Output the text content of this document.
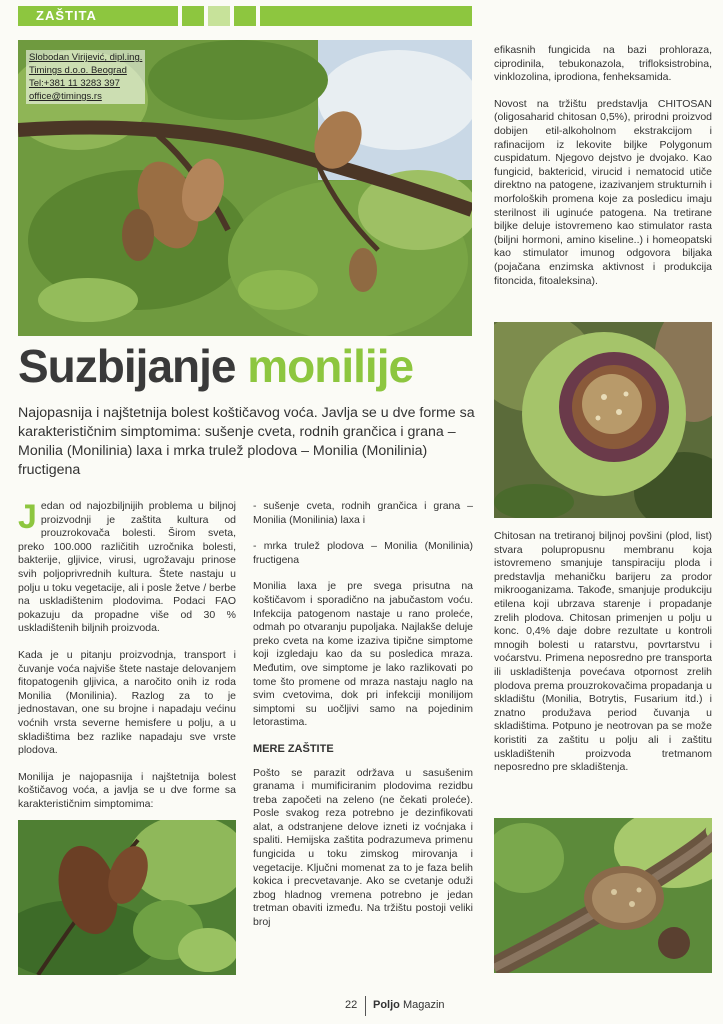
ZAŠTITA
Slobodan Virijević, dipl.ing.
Timings d.o.o. Beograd
Tel:+381 11 3283 397
office@timings.rs
Suzbijanje monilije
Najopasnija i najštetnija bolest koštičavog voća. Javlja se u dve forme sa karakterističnim simptomima: sušenje cveta, rodnih grančica i grana – Monilia (Monilinia) laxa i mrka trulež plodova – Monilia (Monilinia) fructigena

Jedan od najozbiljnijih problema u biljnoj proizvodnji je zaštita kultura od prouzrokovača bolesti. Širom sveta, preko 100.000 različitih uzročnika bolesti, bakterije, gljivice, virusi, ugrožavaju prinose svih poljoprivrednih kultura. Štete nastaju u polju u toku vegetacije, ali i posle žetve / berbe na uskladištenim plodovima. Podaci FAO pokazuju da propadne više od 30 % uskladištenih biljnih proizvoda.

Kada je u pitanju proizvodnja, transport i čuvanje voća najviše štete nastaje delovanjem fitopatogenih gljivica, a naročito onih iz roda Monilia (Monilinia). Razlog za to je jednostavan, one su brojne i napadaju većinu voćnih vrsta severne hemisfere u polju, a u skladištima bez razlike napadaju sve vrste plodova.

Monilija je najopasnija i najštetnija bolest koštičavog voća, a javlja se u dve forme sa karakterističnim simptomima:

- sušenje cveta, rodnih grančica i grana – Monilia (Monilinia) laxa i

- mrka trulež plodova – Monilia (Monilinia) fructigena

Monilia laxa je pre svega prisutna na koštičavom i sporadično na jabučastom voću. Infekcija patogenom nastaje u rano proleće, odmah po otvaranju pupoljaka. Najlakše deluje preko cveta na kome izaziva tipične simptome koji izgledaju kao da su posledica mraza. Međutim, ove simptome je lako razlikovati po tome što promene od mraza nastaju naglo na svim cvetovima, dok pri infekciji monilijom simptomi su uočljivi samo na pojedinim letorastima.

MERE ZAŠTITE

Pošto se parazit održava u sasušenim granama i mumificiranim plodovima rezidbu treba započeti na zeleno (ne čekati proleće). Posle svakog reza potrebno je dezinfikovati alat, a odstranjene delove izneti iz voćnjaka i spaliti. Hemijska zaštita podrazumeva primenu fungicida u toku zimskog mirovanja i vegetacije. Ključni momenat za to je faza belih kokica i precvetavanje. Ako se cvetanje oduži zbog hladnog vremena potrebno je jedan tretman obaviti između. Na tržištu postoji veliki broj

efikasnih fungicida na bazi prohloraza, ciprodinila, tebukonazola, trifloksistrobina, vinklozolina, iprodiona, fenheksamida.

Novost na tržištu predstavlja CHITOSAN (oligosaharid chitosan 0,5%), prirodni proizvod dobijen etil-alkoholnom ekstrakcijom i rafinacijom iz lekovite biljke Polygonum cuspidatum. Njegovo dejstvo je dvojako. Kao fungicid, baktericid, virucid i nematocid utiče direktno na patogene, izazivanjem strukturnih i morfoloških promena koje za posledicu imaju sterilnost ili uginuće patogena. Na tretirane biljke deluje istovremeno kao stimulator rasta (biljni hormoni, amino kiseline..) i homeopatski kao stimulator imunog odgovora biljaka (pojačana enzimska aktivnost i produkcija fitoncida, fitoaleksina).

Chitosan na tretiranoj biljnoj povšini (plod, list) stvara polupropusnu membranu koja istovremeno smanjuje tanspiraciju ploda i predstavlja mehaničku barijeru za prodor mikrooganizama. Takođe, smanjuje produkciju etilena koji ubrzava starenje i propadanje zrelih plodova. Chitosan primenjen u polju u konc. 0,4% daje dobre rezultate u kontroli mnogih bolesti u ratarstvu, povrtarstvu i voćarstvu. Primena neposredno pre transporta ili uskladištenja povećava otpornost zrelih plodova prema prouzrokovačima propadanja u skladištu (Monilia, Botrytis, Fusarium itd.) i znatno produžava period čuvanja u skladištima. Potpuno je neotrovan pa se može koristiti za zaštitu u polju ali i zaštitu uskladištenih proizvoda tretmanom neposredno pre skladištenja.

22 Poljo Magazin
